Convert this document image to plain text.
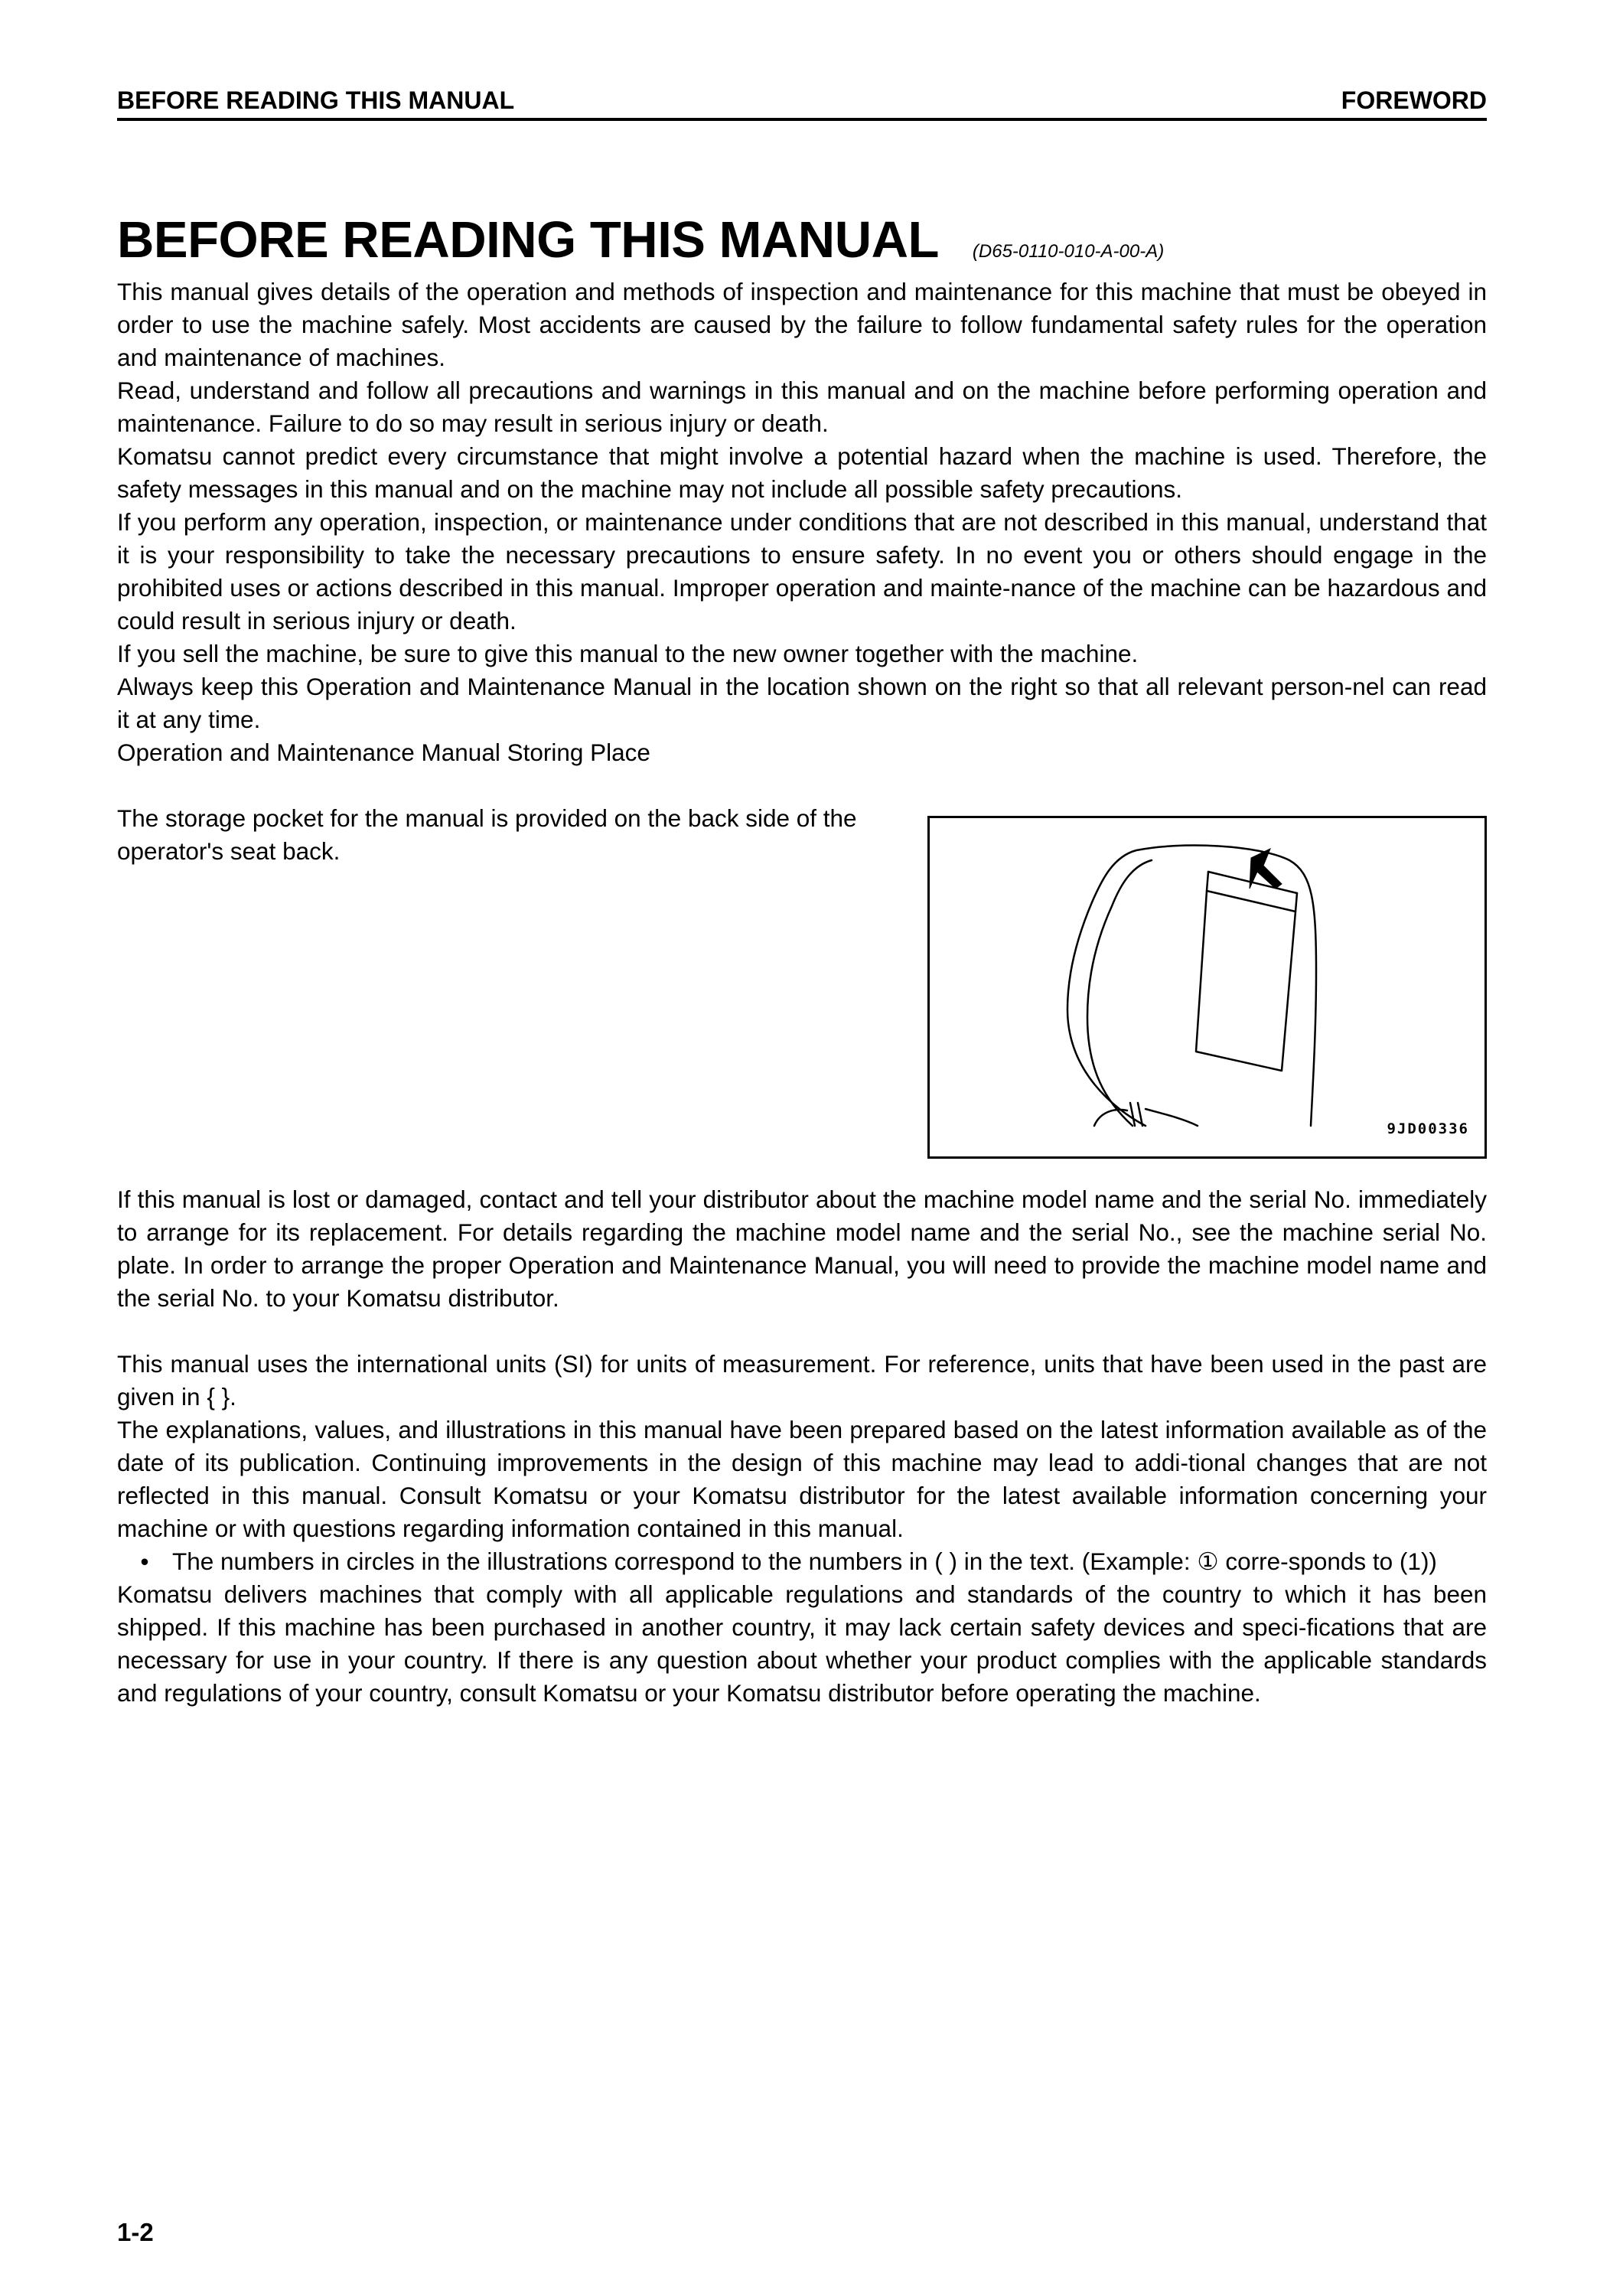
BEFORE READING THIS MANUAL	FOREWORD
BEFORE READING THIS MANUAL (D65-0110-010-A-00-A)

This manual gives details of the operation and methods of inspection and maintenance for this machine that must be obeyed in order to use the machine safely. Most accidents are caused by the failure to follow fundamental safety rules for the operation and maintenance of machines.

Read, understand and follow all precautions and warnings in this manual and on the machine before performing operation and maintenance. Failure to do so may result in serious injury or death.

Komatsu cannot predict every circumstance that might involve a potential hazard when the machine is used. Therefore, the safety messages in this manual and on the machine may not include all possible safety precautions.

If you perform any operation, inspection, or maintenance under conditions that are not described in this manual, understand that it is your responsibility to take the necessary precautions to ensure safety. In no event you or others should engage in the prohibited uses or actions described in this manual. Improper operation and mainte-nance of the machine can be hazardous and could result in serious injury or death.

If you sell the machine, be sure to give this manual to the new owner together with the machine.

Always keep this Operation and Maintenance Manual in the location shown on the right so that all relevant person-nel can read it at any time.

Operation and Maintenance Manual Storing Place

The storage pocket for the manual is provided on the back side of the operator's seat back.

9JD00336

If this manual is lost or damaged, contact and tell your distributor about the machine model name and the serial No. immediately to arrange for its replacement. For details regarding the machine model name and the serial No., see the machine serial No. plate. In order to arrange the proper Operation and Maintenance Manual, you will need to provide the machine model name and the serial No. to your Komatsu distributor.

This manual uses the international units (SI) for units of measurement. For reference, units that have been used in the past are given in { }.

The explanations, values, and illustrations in this manual have been prepared based on the latest information available as of the date of its publication. Continuing improvements in the design of this machine may lead to addi-tional changes that are not reflected in this manual. Consult Komatsu or your Komatsu distributor for the latest available information concerning your machine or with questions regarding information contained in this manual.

• The numbers in circles in the illustrations correspond to the numbers in ( ) in the text. (Example: ① corre-sponds to (1))

Komatsu delivers machines that comply with all applicable regulations and standards of the country to which it has been shipped. If this machine has been purchased in another country, it may lack certain safety devices and speci-fications that are necessary for use in your country. If there is any question about whether your product complies with the applicable standards and regulations of your country, consult Komatsu or your Komatsu distributor before operating the machine.

1-2
